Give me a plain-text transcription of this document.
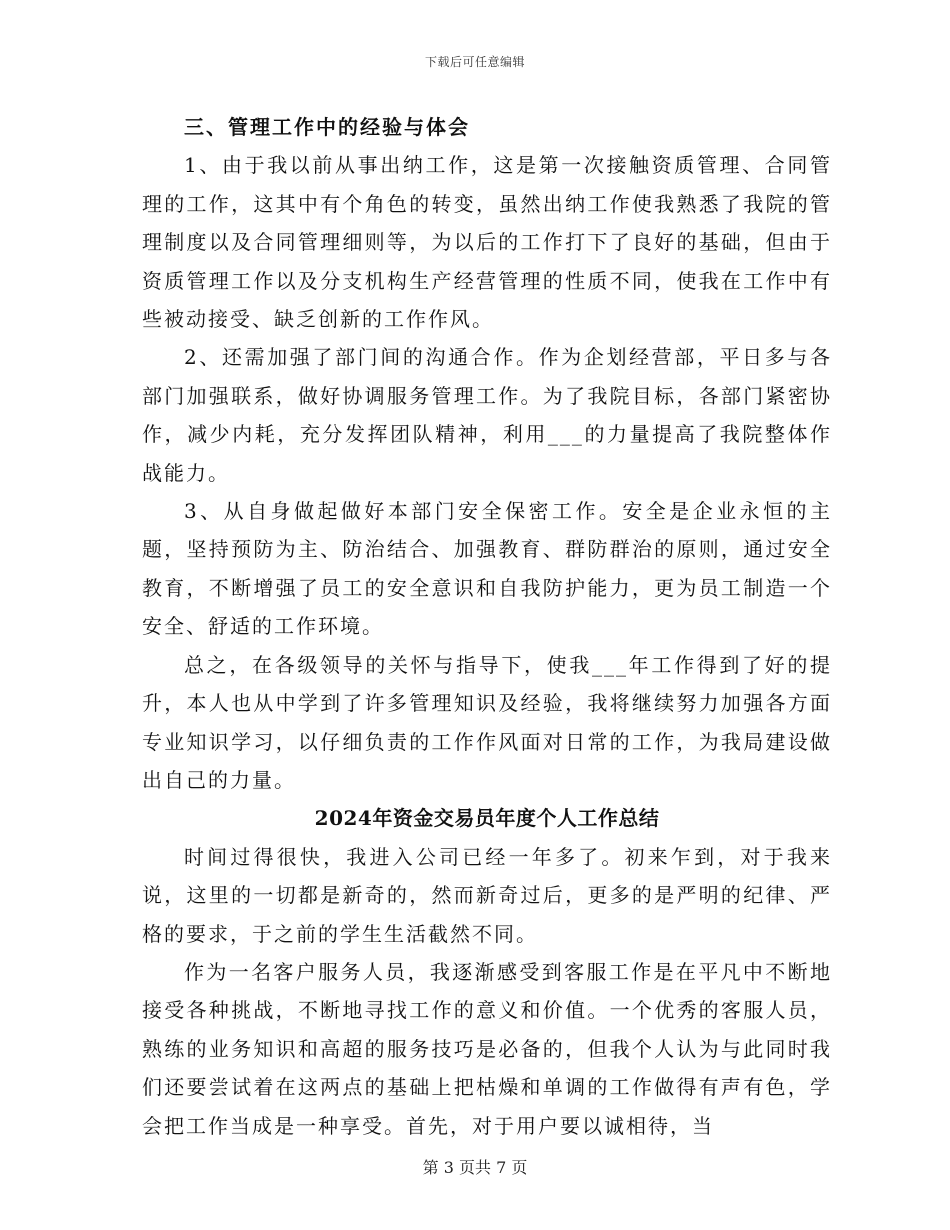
下载后可任意编辑

三、管理工作中的经验与体会

1、由于我以前从事出纳工作，这是第一次接触资质管理、合同管理的工作，这其中有个角色的转变，虽然出纳工作使我熟悉了我院的管理制度以及合同管理细则等，为以后的工作打下了良好的基础，但由于资质管理工作以及分支机构生产经营管理的性质不同，使我在工作中有些被动接受、缺乏创新的工作作风。

2、还需加强了部门间的沟通合作。作为企划经营部，平日多与各部门加强联系，做好协调服务管理工作。为了我院目标，各部门紧密协作，减少内耗，充分发挥团队精神，利用___的力量提高了我院整体作战能力。

3、从自身做起做好本部门安全保密工作。安全是企业永恒的主题，坚持预防为主、防治结合、加强教育、群防群治的原则，通过安全教育，不断增强了员工的安全意识和自我防护能力，更为员工制造一个安全、舒适的工作环境。

总之，在各级领导的关怀与指导下，使我___年工作得到了好的提升，本人也从中学到了许多管理知识及经验，我将继续努力加强各方面专业知识学习，以仔细负责的工作作风面对日常的工作，为我局建设做出自己的力量。

2024年资金交易员年度个人工作总结

时间过得很快，我进入公司已经一年多了。初来乍到，对于我来说，这里的一切都是新奇的，然而新奇过后，更多的是严明的纪律、严格的要求，于之前的学生生活截然不同。

作为一名客户服务人员，我逐渐感受到客服工作是在平凡中不断地接受各种挑战，不断地寻找工作的意义和价值。一个优秀的客服人员，熟练的业务知识和高超的服务技巧是必备的，但我个人认为与此同时我们还要尝试着在这两点的基础上把枯燥和单调的工作做得有声有色，学会把工作当成是一种享受。首先，对于用户要以诚相待，当

第 3 页共 7 页
